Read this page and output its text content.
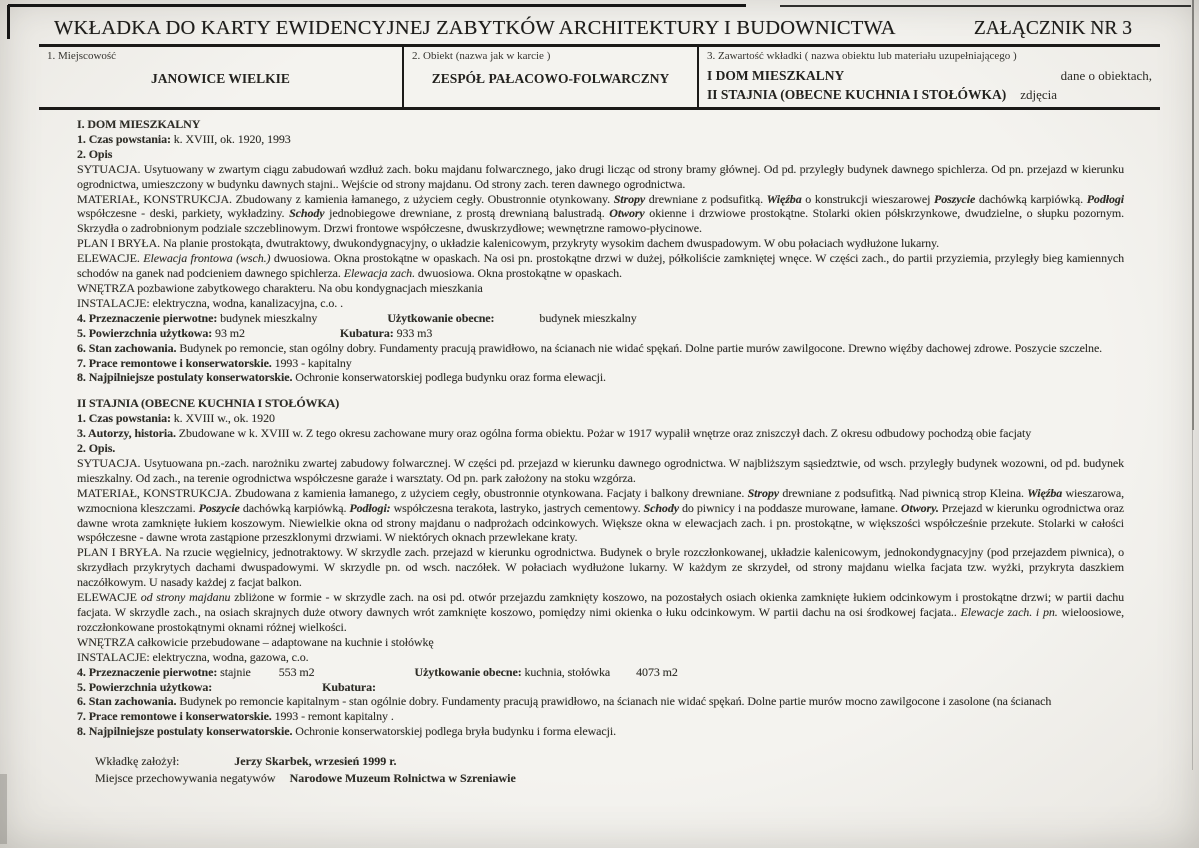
WKŁADKA DO KARTY EWIDENCYJNEJ ZABYTKÓW ARCHITEKTURY I BUDOWNICTWA	ZAŁĄCZNIK NR 3
1. Miejscowość
JANOWICE WIELKIE
2. Obiekt (nazwa jak w karcie )
ZESPÓŁ PAŁACOWO-FOLWARCZNY
3. Zawartość wkładki ( nazwa obiektu lub materiału uzupełniającego )
I DOM MIESZKALNY	dane o obiektach,
II STAJNIA (OBECNE KUCHNIA I STOŁÓWKA) zdjęcia

I. DOM MIESZKALNY

1. Czas powstania: k. XVIII, ok. 1920, 1993

2. Opis

SYTUACJA. Usytuowany w zwartym ciągu zabudowań wzdłuż zach. boku majdanu folwarcznego, jako drugi licząc od strony bramy głównej. Od pd. przyległy budynek dawnego spichlerza. Od pn. przejazd w kierunku ogrodnictwa, umieszczony w budynku dawnych stajni.. Wejście od strony majdanu. Od strony zach. teren dawnego ogrodnictwa.

MATERIAŁ, KONSTRUKCJA. Zbudowany z kamienia łamanego, z użyciem cegły. Obustronnie otynkowany. Stropy drewniane z podsufitką. Więźba o konstrukcji wieszarowej Poszycie dachówką karpiówką. Podłogi współczesne - deski, parkiety, wykładziny. Schody jednobiegowe drewniane, z prostą drewnianą balustradą. Otwory okienne i drzwiowe prostokątne. Stolarki okien półskrzynkowe, dwudzielne, o słupku pozornym. Skrzydła o zadrobnionym podziale szczeblinowym. Drzwi frontowe współczesne, dwuskrzydłowe; wewnętrzne ramowo-płycinowe.

PLAN I BRYŁA. Na planie prostokąta, dwutraktowy, dwukondygnacyjny, o układzie kalenicowym, przykryty wysokim dachem dwuspadowym. W obu połaciach wydłużone lukarny.

ELEWACJE. Elewacja frontowa (wsch.) dwuosiowa. Okna prostokątne w opaskach. Na osi pn. prostokątne drzwi w dużej, półkoliście zamkniętej wnęce. W części zach., do partii przyziemia, przyległy bieg kamiennych schodów na ganek nad podcieniem dawnego spichlerza. Elewacja zach. dwuosiowa. Okna prostokątne w opaskach.

WNĘTRZA pozbawione zabytkowego charakteru. Na obu kondygnacjach mieszkania

INSTALACJE: elektryczna, wodna, kanalizacyjna, c.o. .

4. Przeznaczenie pierwotne: budynek mieszkalny	Użytkowanie obecne:	budynek mieszkalny

5. Powierzchnia użytkowa: 93 m2	Kubatura: 933 m3

6. Stan zachowania. Budynek po remoncie, stan ogólny dobry. Fundamenty pracują prawidłowo, na ścianach nie widać spękań. Dolne partie murów zawilgocone. Drewno więźby dachowej zdrowe. Poszycie szczelne.

7. Prace remontowe i konserwatorskie. 1993 - kapitalny

8. Najpilniejsze postulaty konserwatorskie. Ochronie konserwatorskiej podlega budynku oraz forma elewacji.

II STAJNIA (OBECNE KUCHNIA I STOŁÓWKA)

1. Czas powstania: k. XVIII w., ok. 1920

3. Autorzy, historia. Zbudowane w k. XVIII w. Z tego okresu zachowane mury oraz ogólna forma obiektu. Pożar w 1917 wypalił wnętrze oraz zniszczył dach. Z okresu odbudowy pochodzą obie facjaty

2. Opis.

SYTUACJA. Usytuowana pn.-zach. narożniku zwartej zabudowy folwarcznej. W części pd. przejazd w kierunku dawnego ogrodnictwa. W najbliższym sąsiedztwie, od wsch. przyległy budynek wozowni, od pd. budynek mieszkalny. Od zach., na terenie ogrodnictwa współczesne garaże i warsztaty. Od pn. park założony na stoku wzgórza.

MATERIAŁ, KONSTRUKCJA. Zbudowana z kamienia łamanego, z użyciem cegły, obustronnie otynkowana. Facjaty i balkony drewniane. Stropy drewniane z podsufitką. Nad piwnicą strop Kleina. Więźba wieszarowa, wzmocniona kleszczami. Poszycie dachówką karpiówką. Podłogi: współczesna terakota, lastryko, jastrych cementowy. Schody do piwnicy i na poddasze murowane, łamane. Otwory. Przejazd w kierunku ogrodnictwa oraz dawne wrota zamknięte łukiem koszowym. Niewielkie okna od strony majdanu o nadprożach odcinkowych. Większe okna w elewacjach zach. i pn. prostokątne, w większości współcześnie przekute. Stolarki w całości współczesne - dawne wrota zastąpione przeszklonymi drzwiami. W niektórych oknach przewlekane kraty.

PLAN I BRYŁA. Na rzucie węgielnicy, jednotraktowy. W skrzydle zach. przejazd w kierunku ogrodnictwa. Budynek o bryle rozczłonkowanej, układzie kalenicowym, jednokondygnacyjny (pod przejazdem piwnica), o skrzydłach przykrytych dachami dwuspadowymi. W skrzydle pn. od wsch. naczółek. W połaciach wydłużone lukarny. W każdym ze skrzydeł, od strony majdanu wielka facjata tzw. wyżki, przykryta daszkiem naczółkowym. U nasady każdej z facjat balkon.

ELEWACJE od strony majdanu zbliżone w formie - w skrzydle zach. na osi pd. otwór przejazdu zamknięty koszowo, na pozostałych osiach okienka zamknięte łukiem odcinkowym i prostokątne drzwi; w partii dachu facjata. W skrzydle zach., na osiach skrajnych duże otwory dawnych wrót zamknięte koszowo, pomiędzy nimi okienka o łuku odcinkowym. W partii dachu na osi środkowej facjata.. Elewacje zach. i pn. wieloosiowe, rozczłonkowane prostokątnymi oknami różnej wielkości.

WNĘTRZA całkowicie przebudowane – adaptowane na kuchnie i stołówkę

INSTALACJE: elektryczna, wodna, gazowa, c.o.

4. Przeznaczenie pierwotne: stajnie 553 m2	Użytkowanie obecne: kuchnia, stołówka 4073 m2

5. Powierzchnia użytkowa:	Kubatura:

6. Stan zachowania. Budynek po remoncie kapitalnym - stan ogólnie dobry. Fundamenty pracują prawidłowo, na ścianach nie widać spękań. Dolne partie murów mocno zawilgocone i zasolone (na ścianach

7. Prace remontowe i konserwatorskie. 1993 - remont kapitalny .

8. Najpilniejsze postulaty konserwatorskie. Ochronie konserwatorskiej podlega bryła budynku i forma elewacji.

Wkładkę założył:	Jerzy Skarbek, wrzesień 1999 r.

Miejsce przechowywania negatywów Narodowe Muzeum Rolnictwa w Szreniawie
